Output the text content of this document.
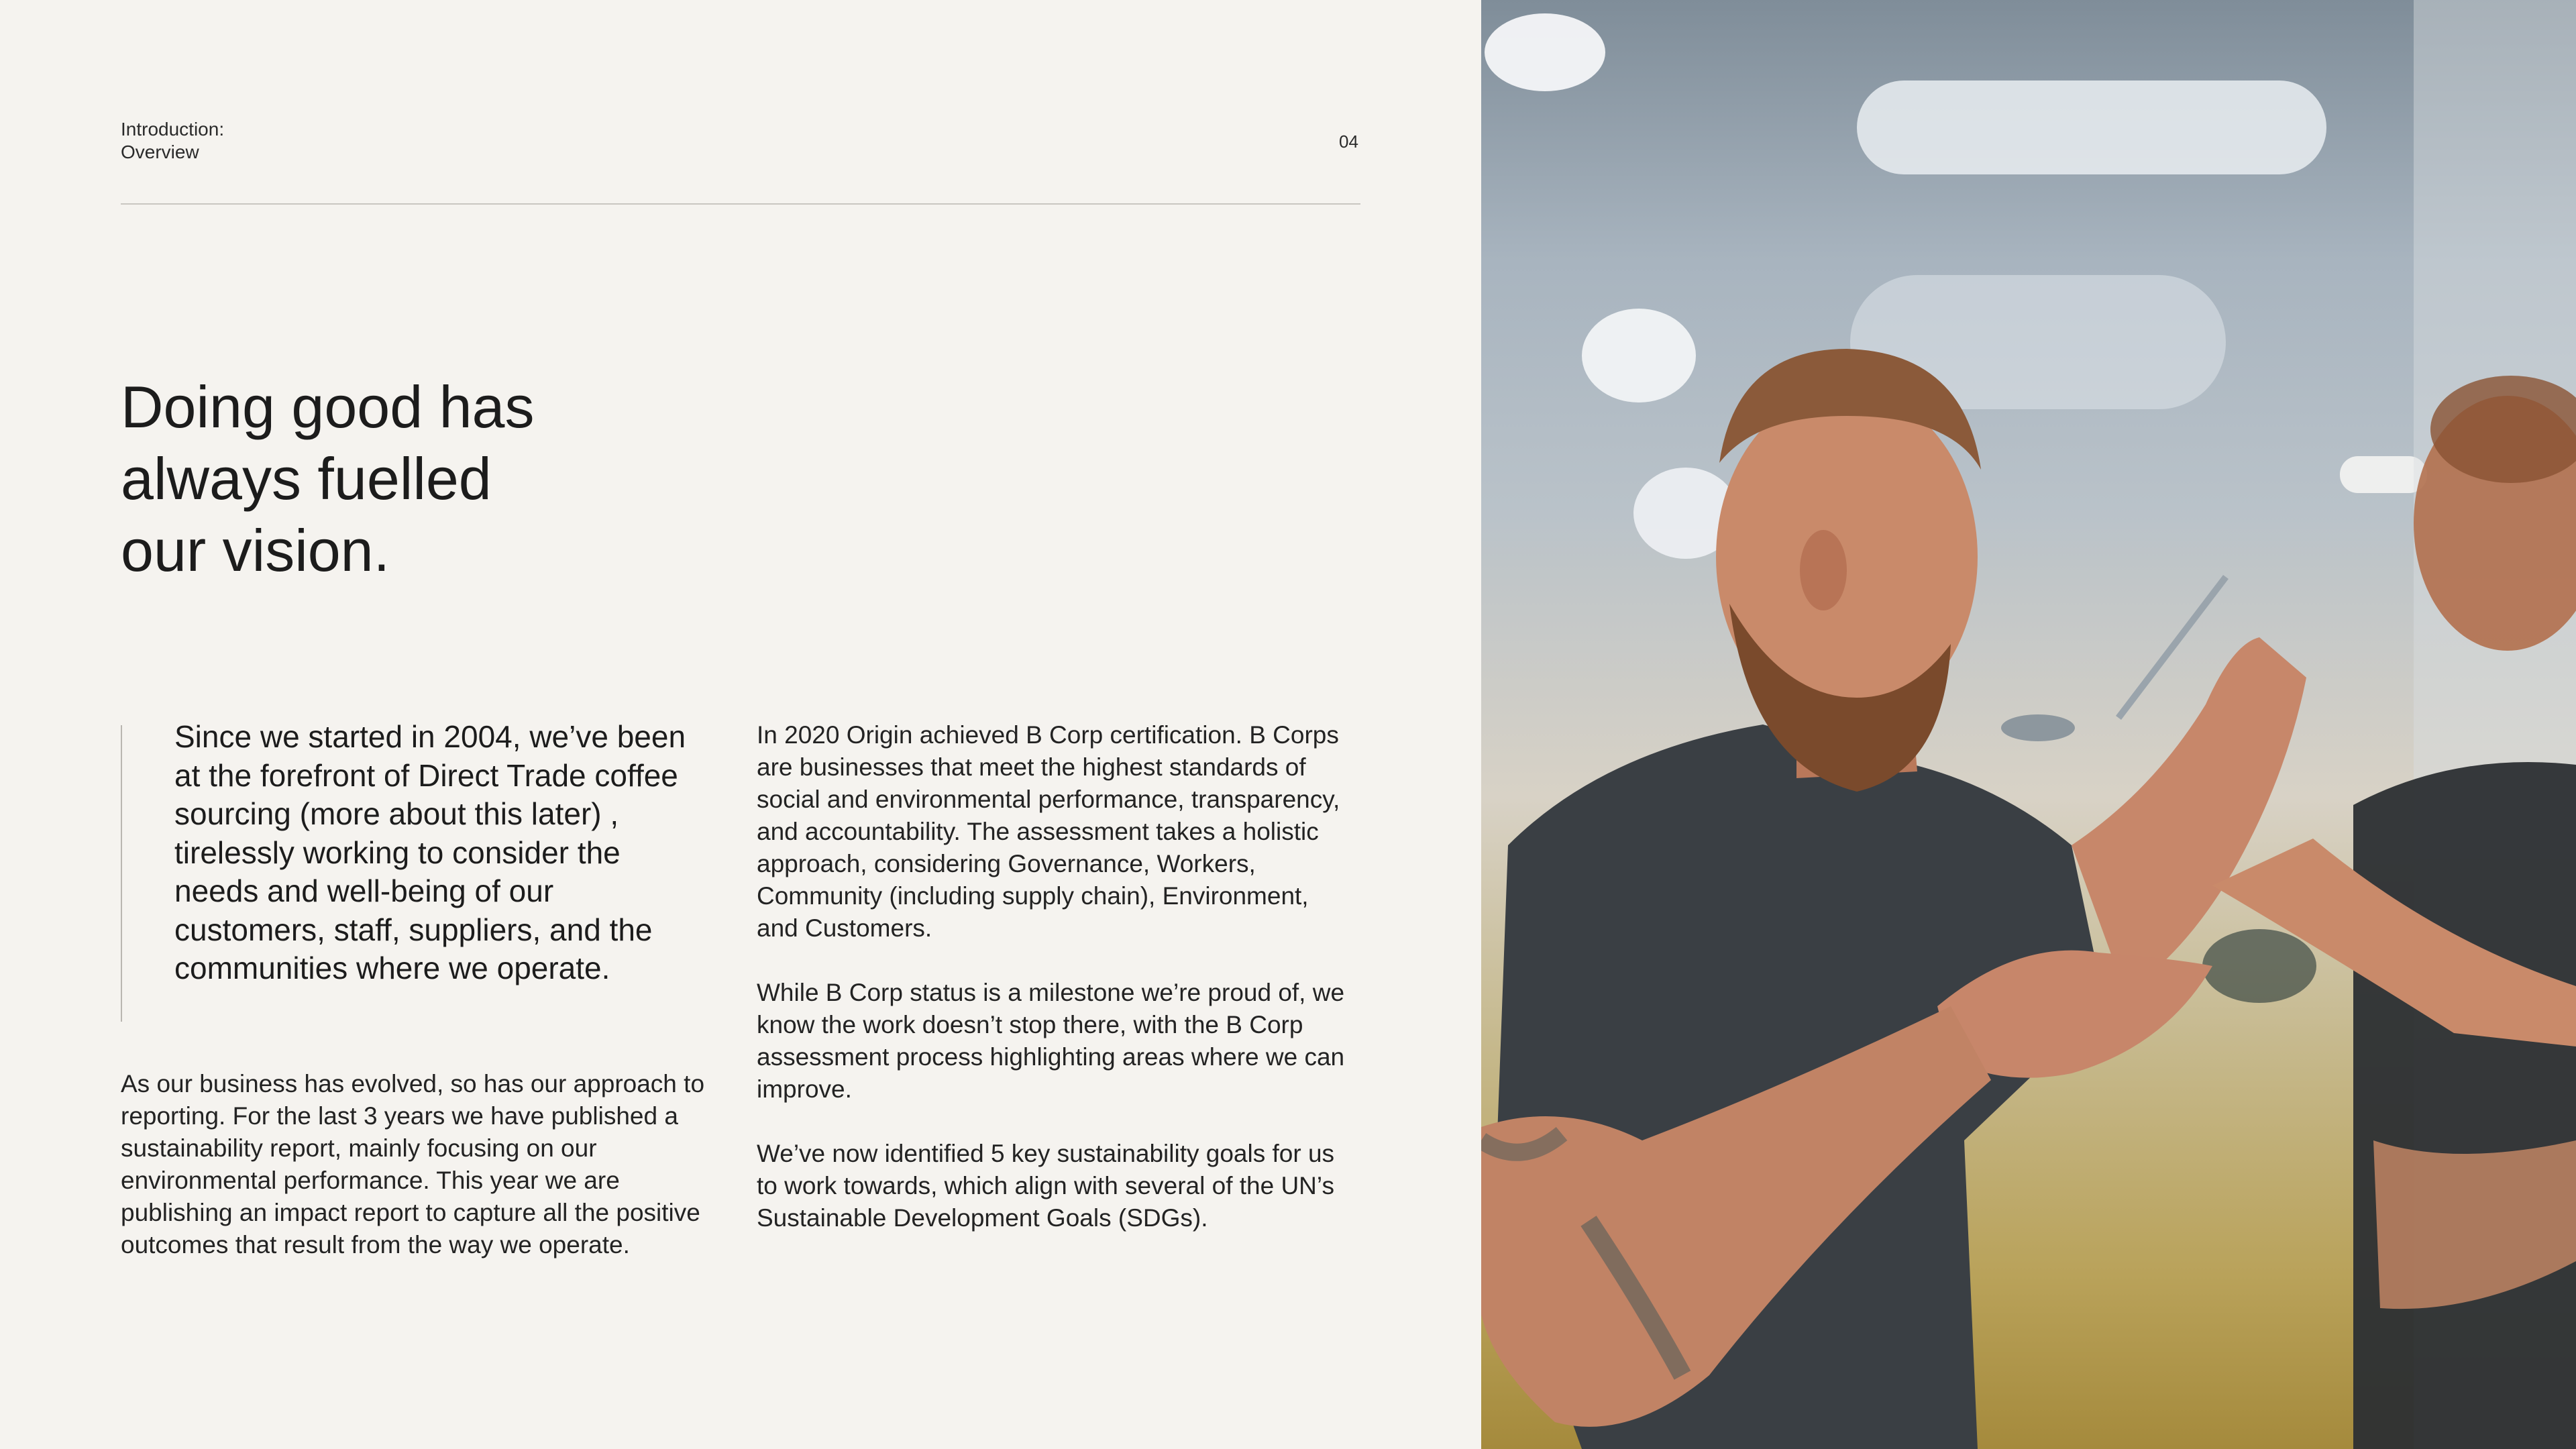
Introduction:
Overview	04
Doing good has
always fuelled
our vision.
Since we started in 2004, we’ve been at the forefront of Direct Trade coffee sourcing (more about this later) , tirelessly working to consider the needs and well-being of our customers, staff, suppliers, and the communities where we operate.
As our business has evolved, so has our approach to reporting. For the last 3 years we have published a sustainability report, mainly focusing on our environmental performance. This year we are publishing an impact report to capture all the positive outcomes that result from the way we operate.

In 2020 Origin achieved B Corp certification. B Corps are businesses that meet the highest standards of social and environmental performance, transparency, and accountability. The assessment takes a holistic approach, considering Governance, Workers, Community (including supply chain), Environment, and Customers.

While B Corp status is a milestone we’re proud of, we know the work doesn’t stop there, with the B Corp assessment process highlighting areas where we can improve.

We’ve now identified 5 key sustainability goals for us to work towards, which align with several of the UN’s Sustainable Development Goals (SDGs).
